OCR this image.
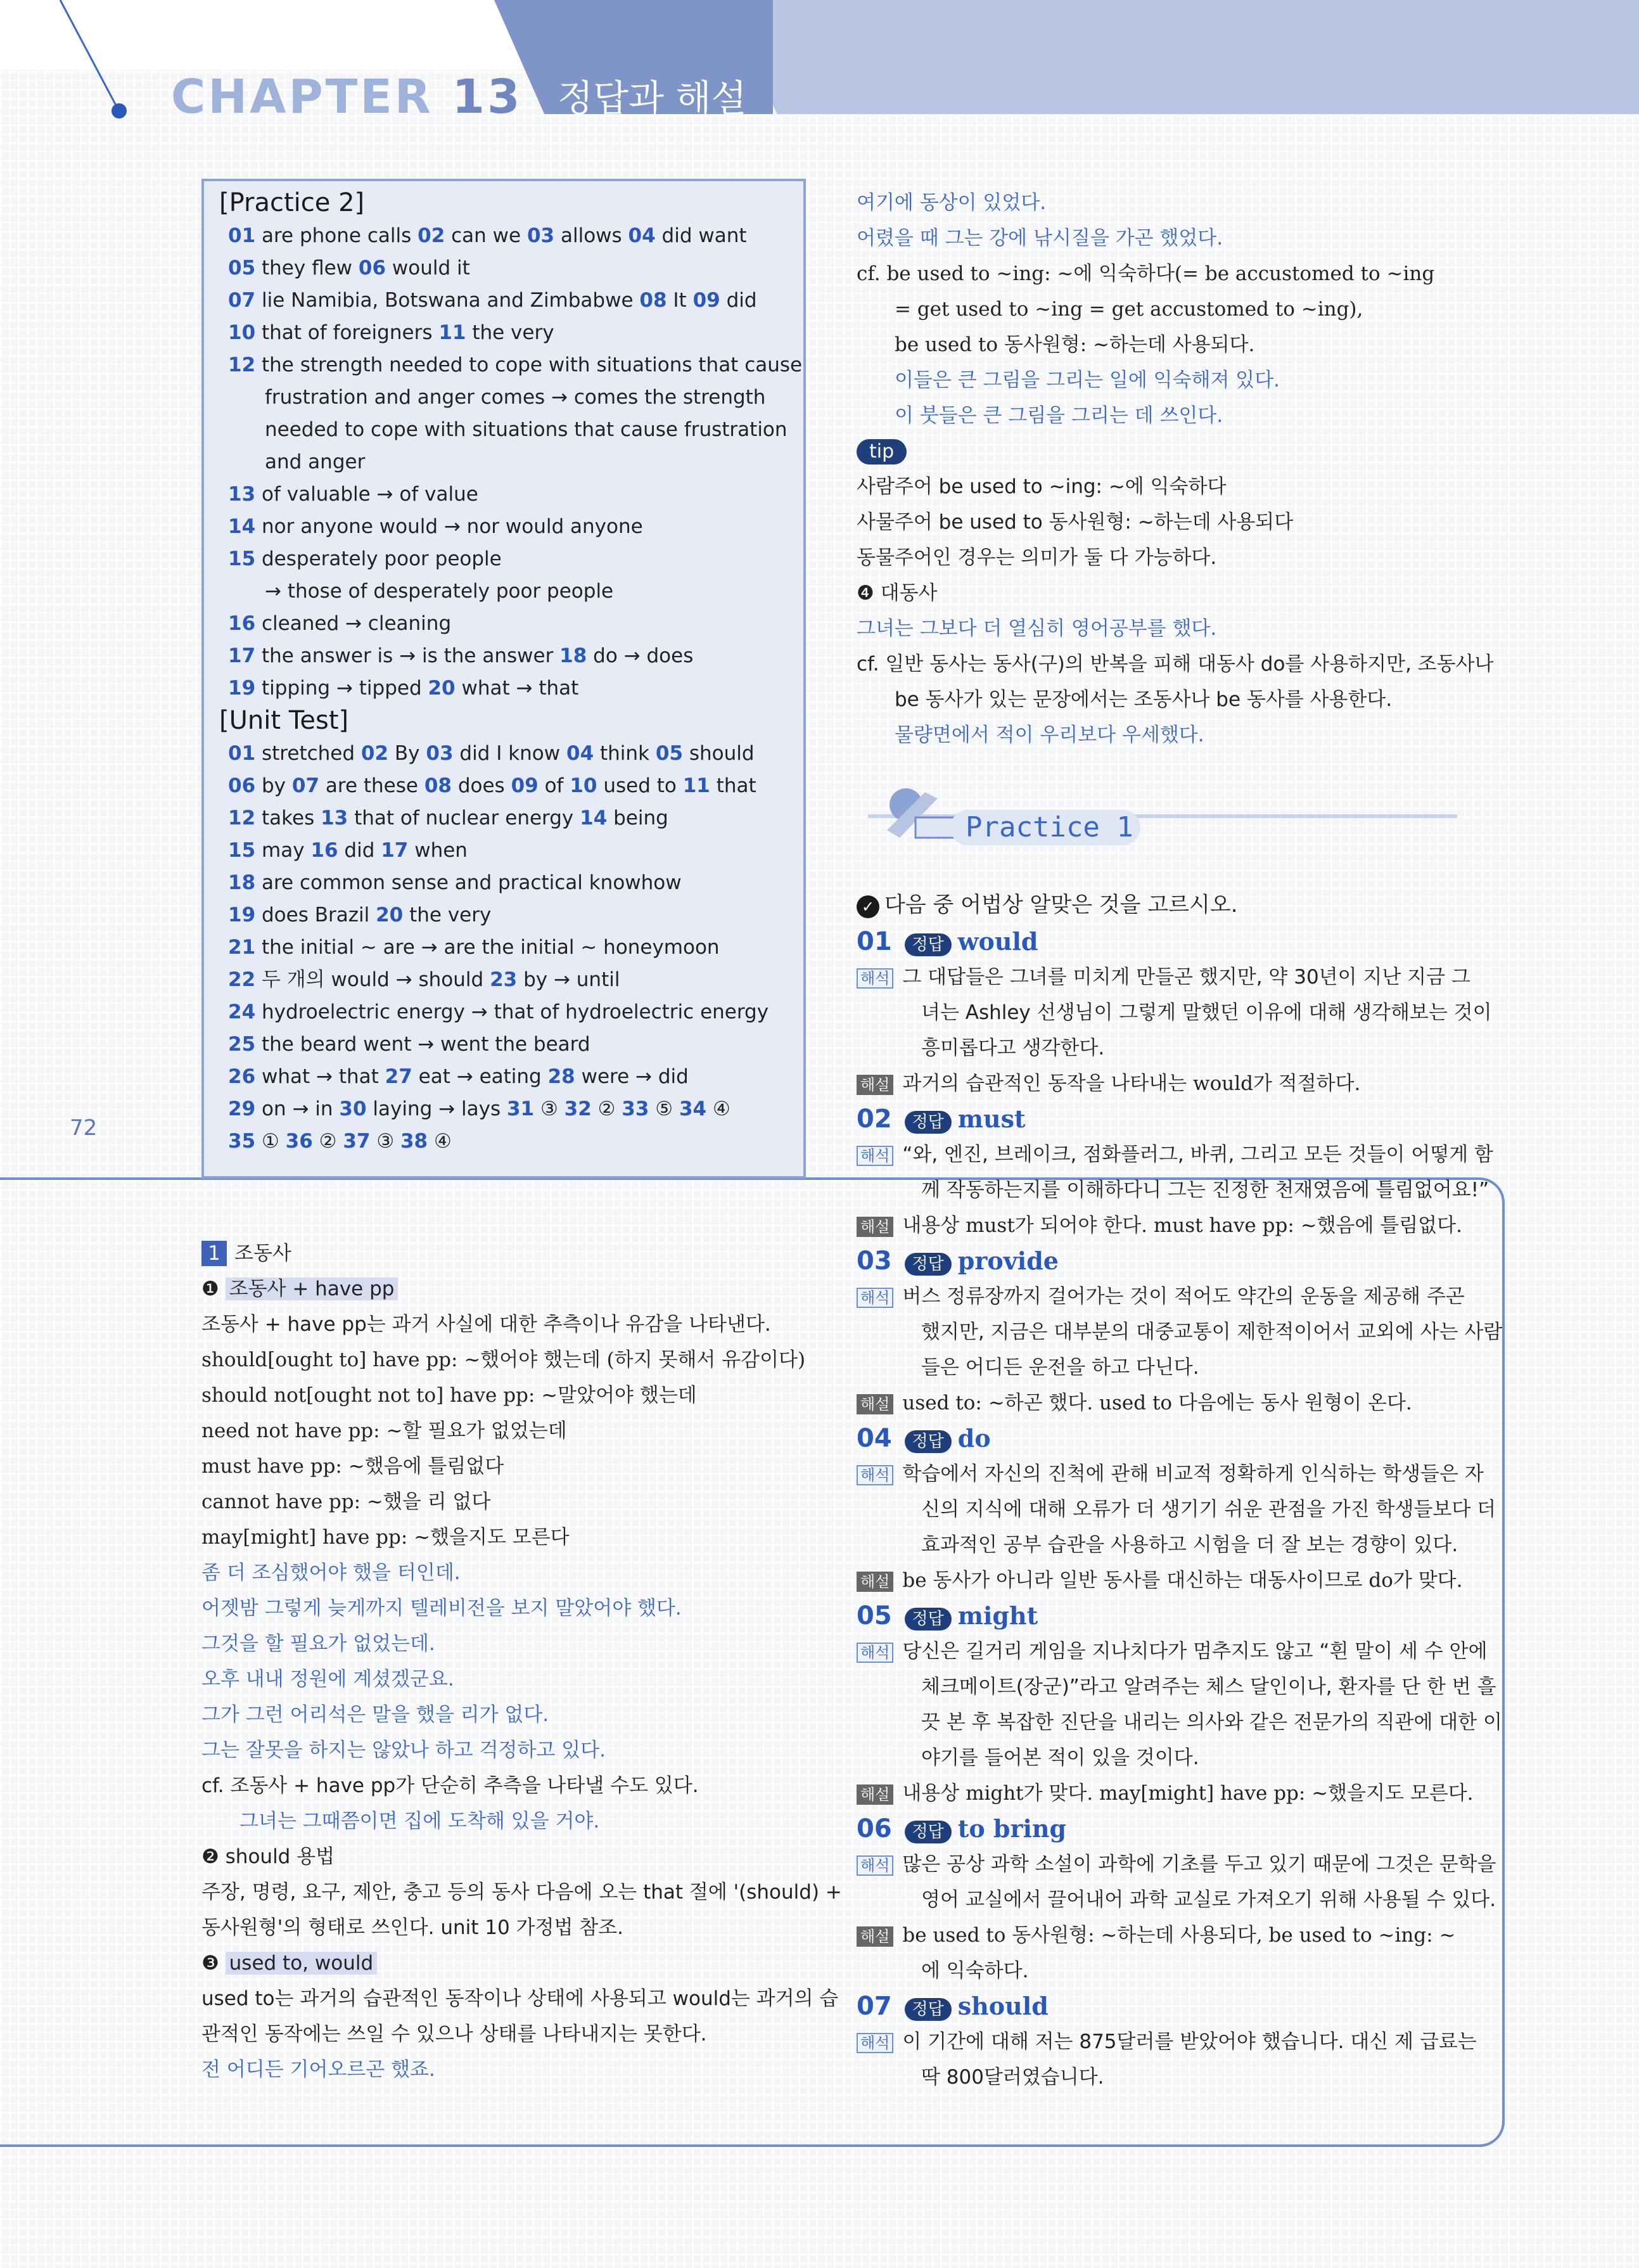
CHAPTER 13 정답과 해설
72
[Practice 2]
01 are phone calls 02 can we 03 allows 04 did want
05 they flew 06 would it
07 lie Namibia, Botswana and Zimbabwe 08 It 09 did
10 that of foreigners 11 the very
12 the strength needed to cope with situations that cause
frustration and anger comes → comes the strength
needed to cope with situations that cause frustration
and anger
13 of valuable → of value
14 nor anyone would → nor would anyone
15 desperately poor people
→ those of desperately poor people
16 cleaned → cleaning
17 the answer is → is the answer 18 do → does
19 tipping → tipped 20 what → that
[Unit Test]
01 stretched 02 By 03 did I know 04 think 05 should
06 by 07 are these 08 does 09 of 10 used to 11 that
12 takes 13 that of nuclear energy 14 being
15 may 16 did 17 when
18 are common sense and practical knowhow
19 does Brazil 20 the very
21 the initial ~ are → are the initial ~ honeymoon
22 두 개의 would → should 23 by → until
24 hydroelectric energy → that of hydroelectric energy
25 the beard went → went the beard
26 what → that 27 eat → eating 28 were → did
29 on → in 30 laying → lays 31 ③ 32 ② 33 ⑤ 34 ④
35 ① 36 ② 37 ③ 38 ④
1 조동사
❶ 조동사 + have pp
조동사 + have pp는 과거 사실에 대한 추측이나 유감을 나타낸다.
should[ought to] have pp: ~했어야 했는데 (하지 못해서 유감이다)
should not[ought not to] have pp: ~말았어야 했는데
need not have pp: ~할 필요가 없었는데
must have pp: ~했음에 틀림없다
cannot have pp: ~했을 리 없다
may[might] have pp: ~했을지도 모른다
좀 더 조심했어야 했을 터인데.
어젯밤 그렇게 늦게까지 텔레비전을 보지 말았어야 했다.
그것을 할 필요가 없었는데.
오후 내내 정원에 계셨겠군요.
그가 그런 어리석은 말을 했을 리가 없다.
그는 잘못을 하지는 않았나 하고 걱정하고 있다.
cf. 조동사 + have pp가 단순히 추측을 나타낼 수도 있다.
그녀는 그때쯤이면 집에 도착해 있을 거야.
❷ should 용법
주장, 명령, 요구, 제안, 충고 등의 동사 다음에 오는 that 절에 '(should) +
동사원형'의 형태로 쓰인다. unit 10 가정법 참조.
❸ used to, would
used to는 과거의 습관적인 동작이나 상태에 사용되고 would는 과거의 습
관적인 동작에는 쓰일 수 있으나 상태를 나타내지는 못한다.
전 어디든 기어오르곤 했죠.
여기에 동상이 있었다.
어렸을 때 그는 강에 낚시질을 가곤 했었다.
cf. be used to ~ing: ~에 익숙하다(= be accustomed to ~ing
= get used to ~ing = get accustomed to ~ing),
be used to 동사원형: ~하는데 사용되다.
이들은 큰 그림을 그리는 일에 익숙해져 있다.
이 붓들은 큰 그림을 그리는 데 쓰인다.
tip
사람주어 be used to ~ing: ~에 익숙하다
사물주어 be used to 동사원형: ~하는데 사용되다
동물주어인 경우는 의미가 둘 다 가능하다.
❹ 대동사
그녀는 그보다 더 열심히 영어공부를 했다.
cf. 일반 동사는 동사(구)의 반복을 피해 대동사 do를 사용하지만, 조동사나
be 동사가 있는 문장에서는 조동사나 be 동사를 사용한다.
물량면에서 적이 우리보다 우세했다.
✓ 다음 중 어법상 알맞은 것을 고르시오.
01 정답 would
해석 그 대답들은 그녀를 미치게 만들곤 했지만, 약 30년이 지난 지금 그
녀는 Ashley 선생님이 그렇게 말했던 이유에 대해 생각해보는 것이
흥미롭다고 생각한다.
해설 과거의 습관적인 동작을 나타내는 would가 적절하다.
02 정답 must
해석 “와, 엔진, 브레이크, 점화플러그, 바퀴, 그리고 모든 것들이 어떻게 함
께 작동하는지를 이해하다니 그는 진정한 천재였음에 틀림없어요!”
해설 내용상 must가 되어야 한다. must have pp: ~했음에 틀림없다.
03 정답 provide
해석 버스 정류장까지 걸어가는 것이 적어도 약간의 운동을 제공해 주곤
했지만, 지금은 대부분의 대중교통이 제한적이어서 교외에 사는 사람
들은 어디든 운전을 하고 다닌다.
해설 used to: ~하곤 했다. used to 다음에는 동사 원형이 온다.
04 정답 do
해석 학습에서 자신의 진척에 관해 비교적 정확하게 인식하는 학생들은 자
신의 지식에 대해 오류가 더 생기기 쉬운 관점을 가진 학생들보다 더
효과적인 공부 습관을 사용하고 시험을 더 잘 보는 경향이 있다.
해설 be 동사가 아니라 일반 동사를 대신하는 대동사이므로 do가 맞다.
05 정답 might
해석 당신은 길거리 게임을 지나치다가 멈추지도 않고 “흰 말이 세 수 안에
체크메이트(장군)”라고 알려주는 체스 달인이나, 환자를 단 한 번 흘
끗 본 후 복잡한 진단을 내리는 의사와 같은 전문가의 직관에 대한 이
야기를 들어본 적이 있을 것이다.
해설 내용상 might가 맞다. may[might] have pp: ~했을지도 모른다.
06 정답 to bring
해석 많은 공상 과학 소설이 과학에 기초를 두고 있기 때문에 그것은 문학을
영어 교실에서 끌어내어 과학 교실로 가져오기 위해 사용될 수 있다.
해설 be used to 동사원형: ~하는데 사용되다, be used to ~ing: ~
에 익숙하다.
07 정답 should
해석 이 기간에 대해 저는 875달러를 받았어야 했습니다. 대신 제 급료는
딱 800달러였습니다.
Practice 1
